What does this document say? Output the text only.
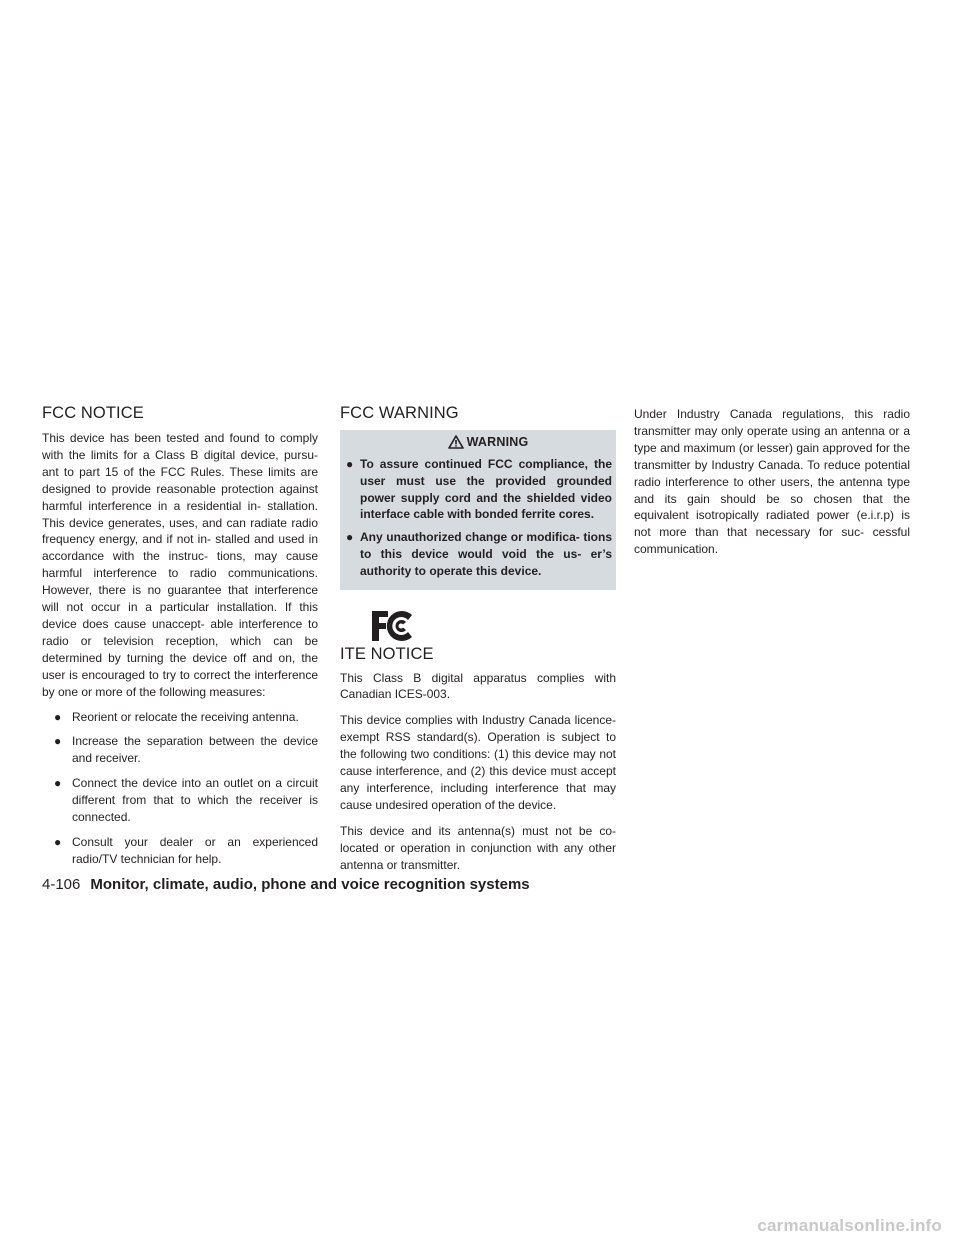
FCC NOTICE

This device has been tested and found to comply with the limits for a Class B digital device, pursu- ant to part 15 of the FCC Rules. These limits are designed to provide reasonable protection against harmful interference in a residential in- stallation. This device generates, uses, and can radiate radio frequency energy, and if not in- stalled and used in accordance with the instruc- tions, may cause harmful interference to radio communications. However, there is no guarantee that interference will not occur in a particular installation. If this device does cause unaccept- able interference to radio or television reception, which can be determined by turning the device off and on, the user is encouraged to try to correct the interference by one or more of the following measures:

● Reorient or relocate the receiving antenna.
● Increase the separation between the device and receiver.
● Connect the device into an outlet on a circuit different from that to which the receiver is connected.
● Consult your dealer or an experienced radio/TV technician for help.
FCC WARNING
WARNING
● To assure continued FCC compliance, the user must use the provided grounded power supply cord and the shielded video interface cable with bonded ferrite cores.
● Any unauthorized change or modifica- tions to this device would void the us- er’s authority to operate this device.
ITE NOTICE

This Class B digital apparatus complies with Canadian ICES-003.

This device complies with Industry Canada licence-exempt RSS standard(s). Operation is subject to the following two conditions: (1) this device may not cause interference, and (2) this device must accept any interference, including interference that may cause undesired operation of the device.

This device and its antenna(s) must not be co- located or operation in conjunction with any other antenna or transmitter.

Under Industry Canada regulations, this radio transmitter may only operate using an antenna or a type and maximum (or lesser) gain approved for the transmitter by Industry Canada. To reduce potential radio interference to other users, the antenna type and its gain should be so chosen that the equivalent isotropically radiated power (e.i.r.p) is not more than that necessary for suc- cessful communication.

4-106 Monitor, climate, audio, phone and voice recognition systems
carmanualsonline.info
